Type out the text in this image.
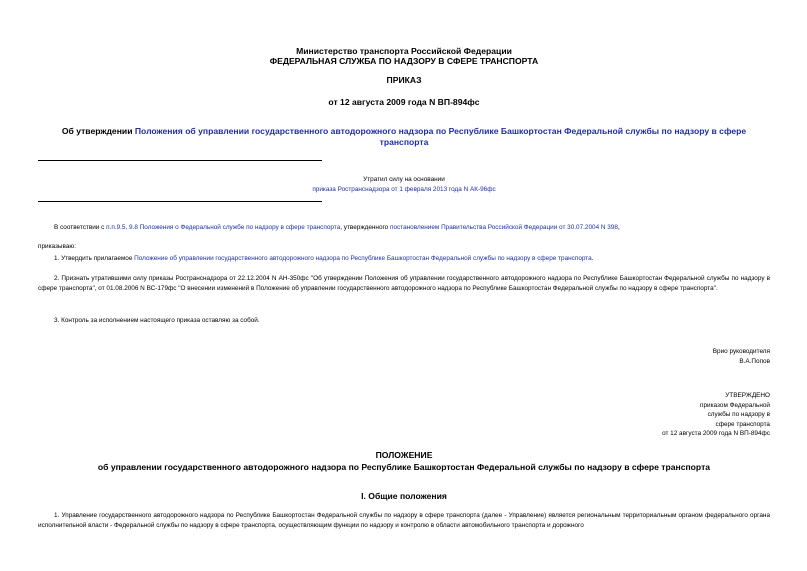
Министерство транспорта Российской Федерации
ФЕДЕРАЛЬНАЯ СЛУЖБА ПО НАДЗОРУ В СФЕРЕ ТРАНСПОРТА
ПРИКАЗ
от 12 августа 2009 года N ВП-894фс
Об утверждении Положения об управлении государственного автодорожного надзора по Республике Башкортостан Федеральной службы по надзору в сфере транспорта
Утратил силу на основании
приказа Ространснадзора от 1 февраля 2013 года N АК-96фс
В соответствии с п.п.9.5, 9.8 Положения о Федеральной службе по надзору в сфере транспорта, утвержденного постановлением Правительства Российской Федерации от 30.07.2004 N 398,
приказываю:
1. Утвердить прилагаемое Положение об управлении государственного автодорожного надзора по Республике Башкортостан Федеральной службы по надзору в сфере транспорта.
2. Признать утратившими силу приказы Ространснадзора от 22.12.2004 N АН-350фс "Об утверждении Положения об управлении государственного автодорожного надзора по Республике Башкортостан Федеральной службы по надзору в сфере транспорта", от 01.08.2006 N ВС-179фс "О внесении изменений в Положение об управлении государственного автодорожного надзора по Республике Башкортостан Федеральной службы по надзору в сфере транспорта".
3. Контроль за исполнением настоящего приказа оставляю за собой.
Врио руководителя
В.А.Попов
УТВЕРЖДЕНО
приказом Федеральной
службы по надзору в
сфере транспорта
от 12 августа 2009 года N ВП-894фс
ПОЛОЖЕНИЕ
об управлении государственного автодорожного надзора по Республике Башкортостан Федеральной службы по надзору в сфере транспорта
I. Общие положения
1. Управление государственного автодорожного надзора по Республике Башкортостан Федеральной службы по надзору в сфере транспорта (далее - Управление) является региональным территориальным органом федерального органа исполнительной власти - Федеральной службы по надзору в сфере транспорта, осуществляющим функции по надзору и контролю в области автомобильного транспорта и дорожного
